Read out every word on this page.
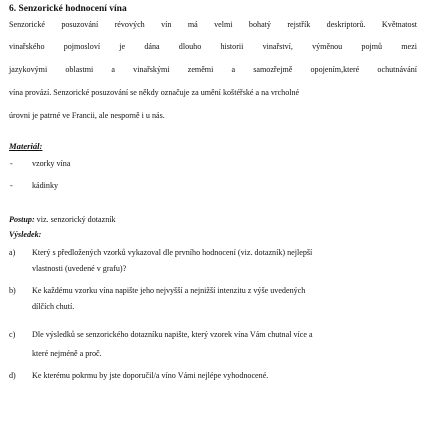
6. Senzorické hodnocení vína
Senzorické posuzování révových vín má velmi bohatý rejstřík deskriptorů. Květnatost
vinařského pojmosloví je dána dlouho historii vinařství, výměnou pojmů mezi
jazykovými oblastmi a vinařskými zeměmi a samozřejmě opojením,které ochutnávání
vína provází. Senzorické posuzování se někdy označuje za umění koštéřské a na vrcholné
úrovni je patrné ve Francii, ale nesporně i u nás.
Materiál:
- vzorky vína
- kádinky
Postup: viz. senzorický dotazník
Výsledek:
a) Který s předložených vzorků vykazoval dle prvního hodnocení (viz. dotazník) nejlepší
vlastnosti (uvedené v grafu)?
b) Ke každému vzorku vína napište jeho nejvyšší a nejnižší intenzitu z výše uvedených
dílčích chutí.
c) Dle výsledků se senzorického dotazníku napište, který vzorek vína Vám chutnal více a
které nejméně a proč.
d) Ke kterému pokrmu by jste doporučil/a víno Vámi nejlépe vyhodnocené.
